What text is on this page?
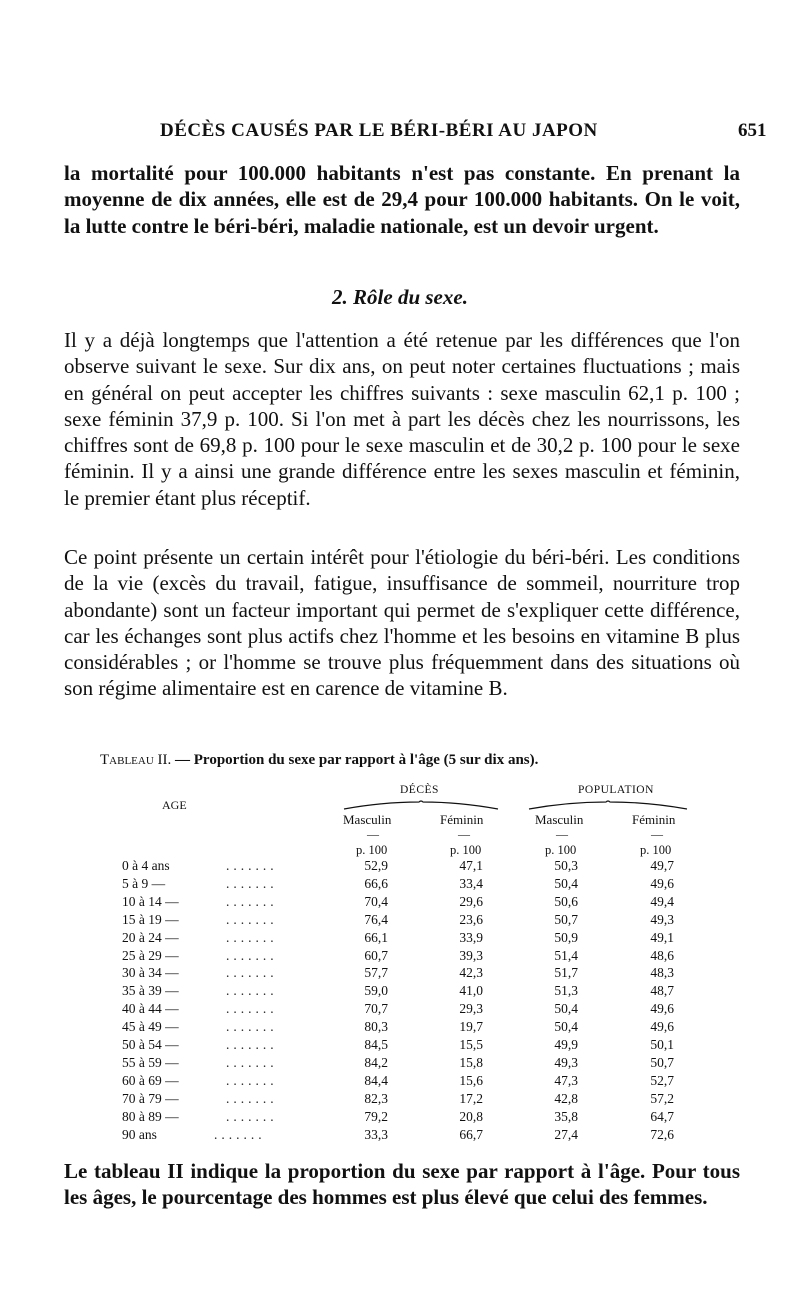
DÉCÈS CAUSÉS PAR LE BÉRI-BÉRI AU JAPON	651

la mortalité pour 100.000 habitants n'est pas constante. En prenant la moyenne de dix années, elle est de 29,4 pour 100.000 habitants. On le voit, la lutte contre le béri-béri, maladie nationale, est un devoir urgent.

2. Rôle du sexe.

Il y a déjà longtemps que l'attention a été retenue par les différences que l'on observe suivant le sexe. Sur dix ans, on peut noter certaines fluctuations ; mais en général on peut accepter les chiffres suivants : sexe masculin 62,1 p. 100 ; sexe féminin 37,9 p. 100. Si l'on met à part les décès chez les nourrissons, les chiffres sont de 69,8 p. 100 pour le sexe masculin et de 30,2 p. 100 pour le sexe féminin. Il y a ainsi une grande différence entre les sexes masculin et féminin, le premier étant plus réceptif.

Ce point présente un certain intérêt pour l'étiologie du béri-béri. Les conditions de la vie (excès du travail, fatigue, insuffisance de sommeil, nourriture trop abondante) sont un facteur important qui permet de s'expliquer cette différence, car les échanges sont plus actifs chez l'homme et les besoins en vitamine B plus considérables ; or l'homme se trouve plus fréquemment dans des situations où son régime alimentaire est en carence de vitamine B.

Tableau II. — Proportion du sexe par rapport à l'âge (5 sur dix ans).
AGE
DÉCÈS	POPULATION
Masculin	Féminin	Masculin	Féminin
—	—	—	—
p. 100	p. 100	p. 100	p. 100
0 à 4 ans	.......	52,9	47,1	50,3	49,7
5 à 9 —	.......	66,6	33,4	50,4	49,6
10 à 14 —	.......	70,4	29,6	50,6	49,4
15 à 19 —	.......	76,4	23,6	50,7	49,3
20 à 24 —	.......	66,1	33,9	50,9	49,1
25 à 29 —	.......	60,7	39,3	51,4	48,6
30 à 34 —	.......	57,7	42,3	51,7	48,3
35 à 39 —	.......	59,0	41,0	51,3	48,7
40 à 44 —	.......	70,7	29,3	50,4	49,6
45 à 49 —	.......	80,3	19,7	50,4	49,6
50 à 54 —	.......	84,5	15,5	49,9	50,1
55 à 59 —	.......	84,2	15,8	49,3	50,7
60 à 69 —	.......	84,4	15,6	47,3	52,7
70 à 79 —	.......	82,3	17,2	42,8	57,2
80 à 89 —	.......	79,2	20,8	35,8	64,7
90 ans	.......	33,3	66,7	27,4	72,6

Le tableau II indique la proportion du sexe par rapport à l'âge. Pour tous les âges, le pourcentage des hommes est plus élevé que celui des femmes.
